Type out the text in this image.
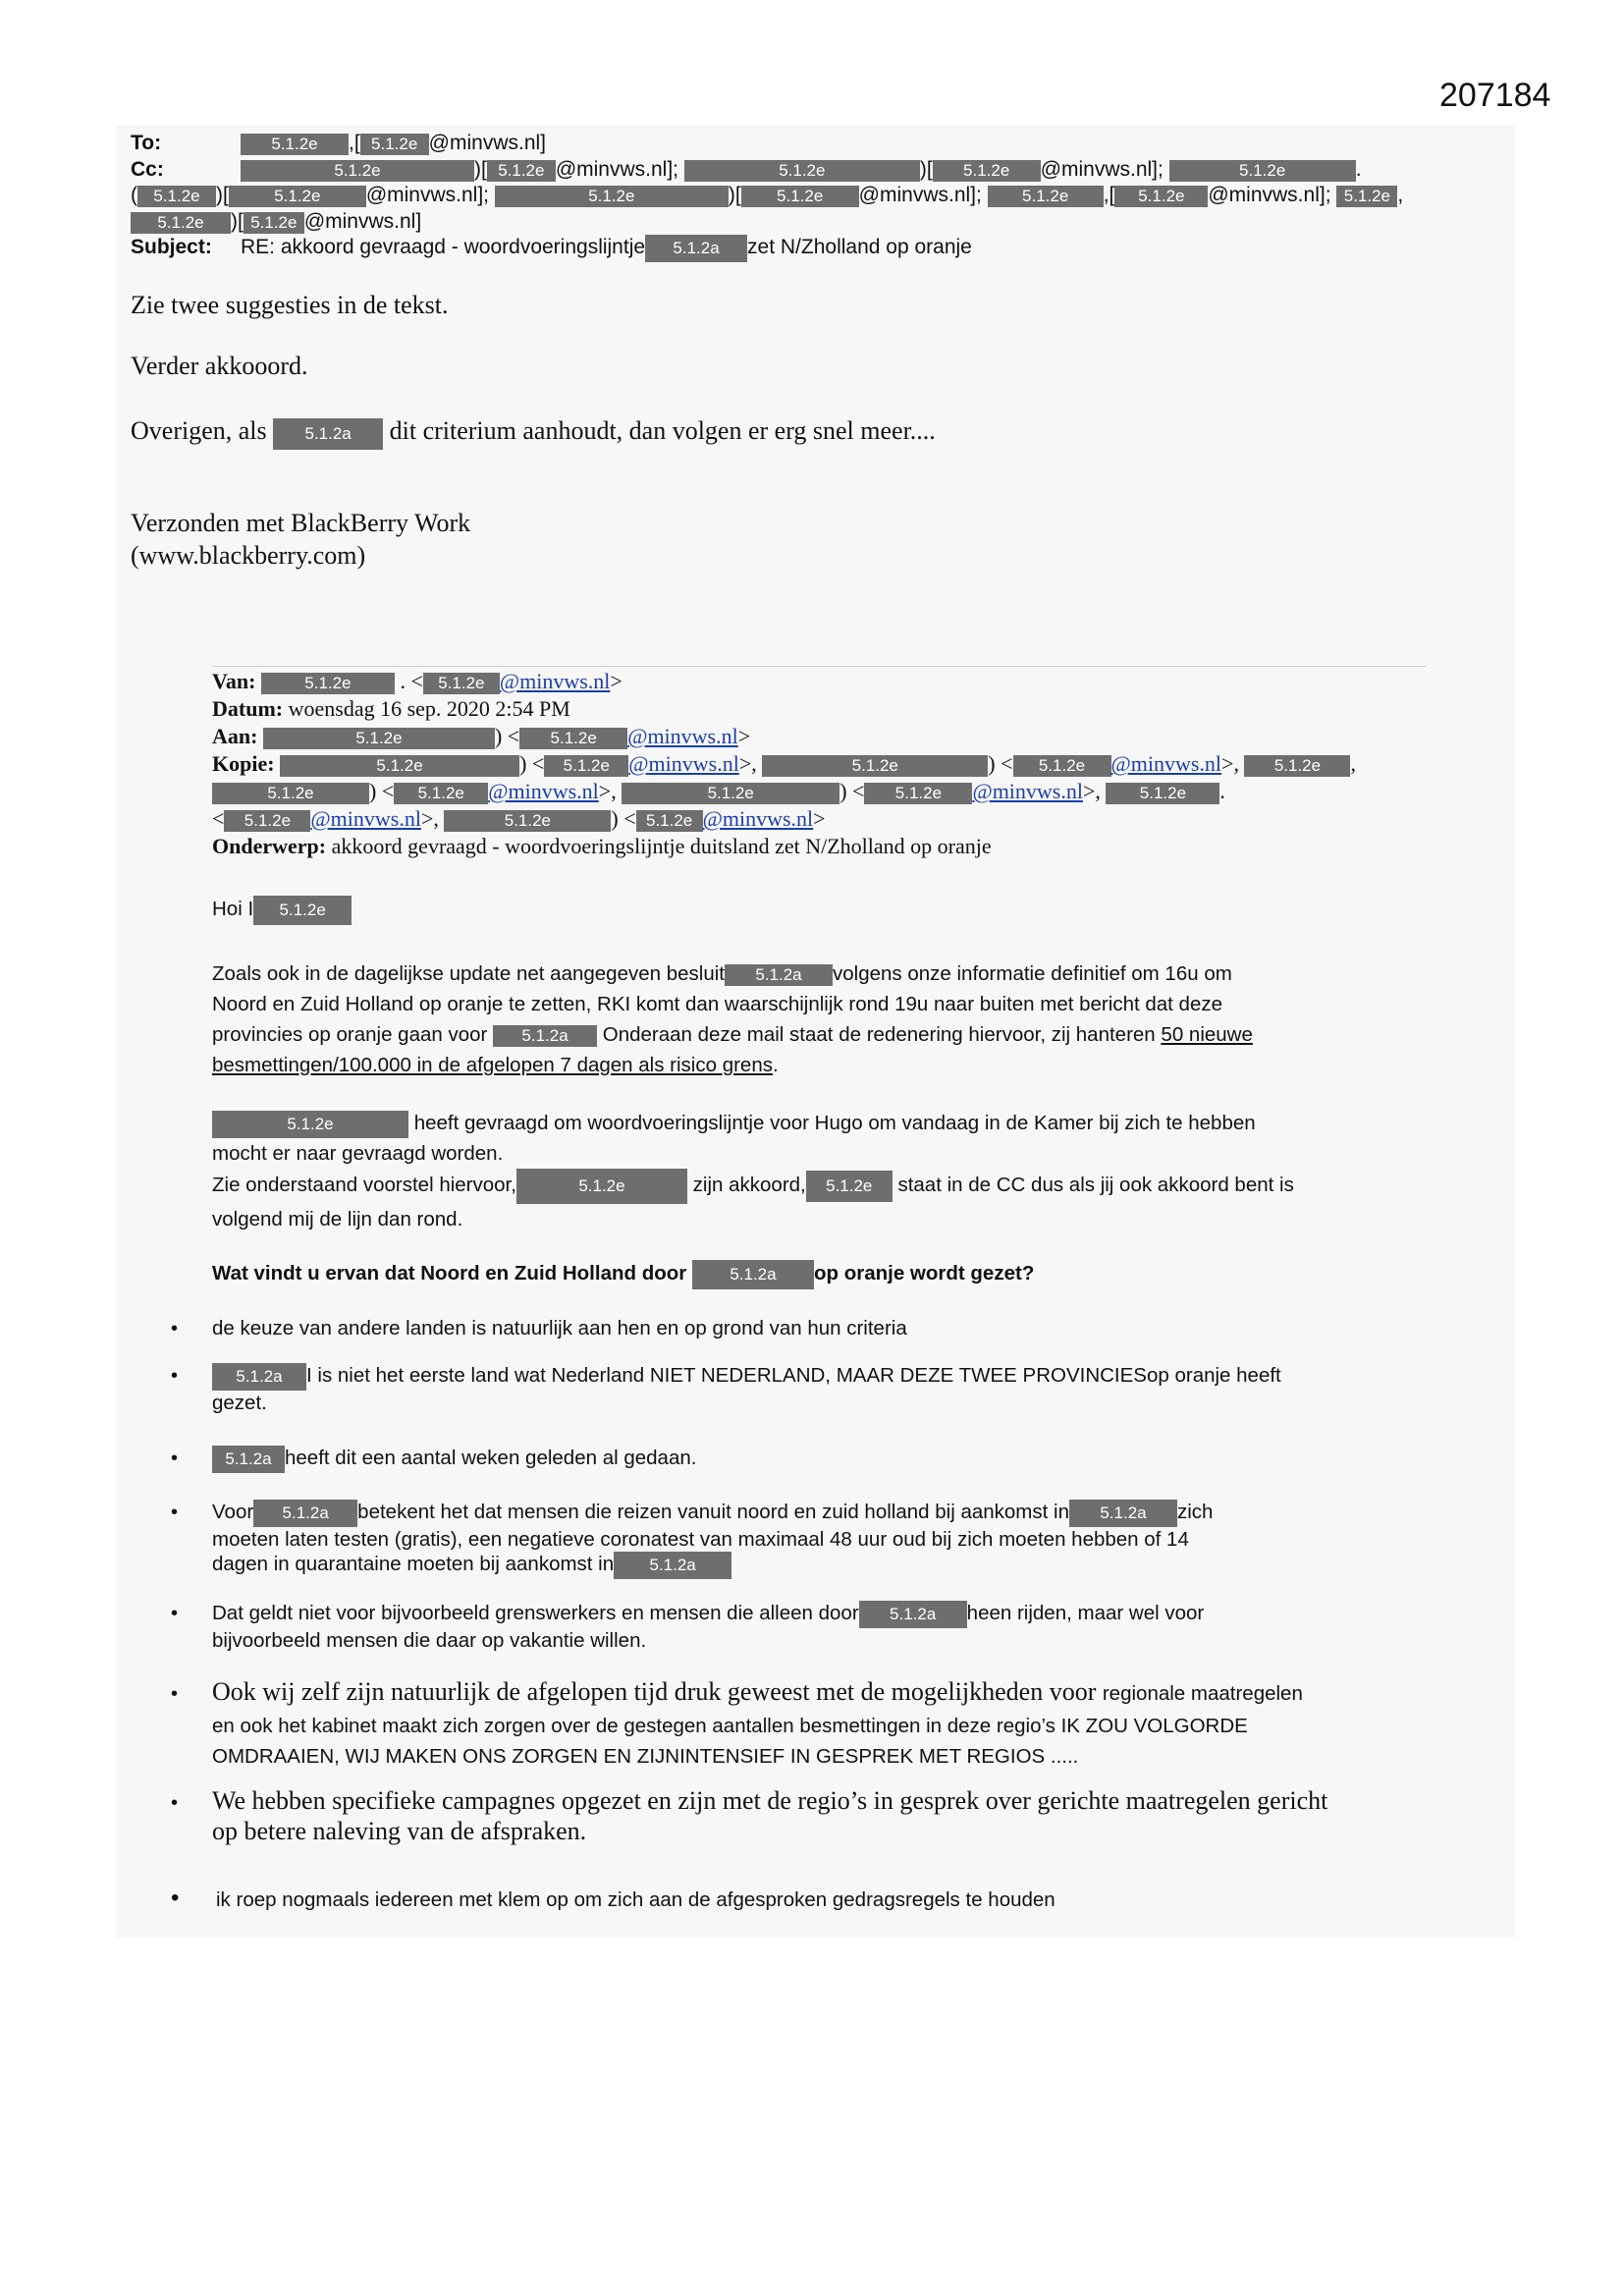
207184
To:	5.1.2e ,[ 5.1.2e @minvws.nl]
Cc:	5.1.2e	)[ 5.1.2e @minvws.nl];	5.1.2e	)[ 5.1.2e @minvws.nl];	5.1.2e	.
( 5.1.2e )[	5.1.2e @minvws.nl];	5.1.2e	)[ 5.1.2e @minvws.nl]; 5.1.2e ,[ 5.1.2e @minvws.nl]; 5.1.2e ,
5.1.2e )[ 5.1.2e @minvws.nl]
Subject: RE: akkoord gevraagd - woordvoeringslijntje 5.1.2a zet N/Zholland op oranje

Zie twee suggesties in de tekst.

Verder akkooord.

Overigen, als 5.1.2a dit criterium aanhoudt, dan volgen er erg snel meer....

Verzonden met BlackBerry Work

(www.blackberry.com)

Van:	5.1.2e . < 5.1.2e @minvws.nl>
Datum: woensdag 16 sep. 2020 2:54 PM
Aan:	5.1.2e	) < 5.1.2e @minvws.nl>
Kopie:	5.1.2e	) < 5.1.2e @minvws.nl>,	5.1.2e	) < 5.1.2e @minvws.nl>, 5.1.2e ,
5.1.2e	) < 5.1.2e @minvws.nl>,	5.1.2e	) < 5.1.2e @minvws.nl>, 5.1.2e .
< 5.1.2e @minvws.nl>,	5.1.2e	) < 5.1.2e @minvws.nl>
Onderwerp: akkoord gevraagd - woordvoeringslijntje duitsland zet N/Zholland op oranje
Hoi I 5.1.2e

Zoals ook in de dagelijkse update net aangegeven besluit 5.1.2a volgens onze informatie definitief om 16u om

Noord en Zuid Holland op oranje te zetten, RKI komt dan waarschijnlijk rond 19u naar buiten met bericht dat deze

provincies op oranje gaan voor 5.1.2a Onderaan deze mail staat de redenering hiervoor, zij hanteren 50 nieuwe

besmettingen/100.000 in de afgelopen 7 dagen als risico grens.

5.1.2e	heeft gevraagd om woordvoeringslijntje voor Hugo om vandaag in de Kamer bij zich te hebben

mocht er naar gevraagd worden.

Zie onderstaand voorstel hiervoor,	5.1.2e	zijn akkoord, 5.1.2e staat in de CC dus als jij ook akkoord bent is

volgend mij de lijn dan rond.

Wat vindt u ervan dat Noord en Zuid Holland door	5.1.2a op oranje wordt gezet?
• de keuze van andere landen is natuurlijk aan hen en op grond van hun criteria
•	5.1.2a I is niet het eerste land wat Nederland NIET NEDERLAND, MAAR DEZE TWEE PROVINCIESop oranje heeft
gezet.
•	5.1.2a heeft dit een aantal weken geleden al gedaan.
• Voor 5.1.2a betekent het dat mensen die reizen vanuit noord en zuid holland bij aankomst in 5.1.2a zich
moeten laten testen (gratis), een negatieve coronatest van maximaal 48 uur oud bij zich moeten hebben of 14
dagen in quarantaine moeten bij aankomst in 5.1.2a
• Dat geldt niet voor bijvoorbeeld grenswerkers en mensen die alleen door 5.1.2a heen rijden, maar wel voor
bijvoorbeeld mensen die daar op vakantie willen.
• Ook wij zelf zijn natuurlijk de afgelopen tijd druk geweest met de mogelijkheden voor regionale maatregelen
en ook het kabinet maakt zich zorgen over de gestegen aantallen besmettingen in deze regio’s IK ZOU VOLGORDE
OMDRAAIEN, WIJ MAKEN ONS ZORGEN EN ZIJNINTENSIEF IN GESPREK MET REGIOS .....
• We hebben specifieke campagnes opgezet en zijn met de regio’s in gesprek over gerichte maatregelen gericht
op betere naleving van de afspraken.
• ik roep nogmaals iedereen met klem op om zich aan de afgesproken gedragsregels te houden
